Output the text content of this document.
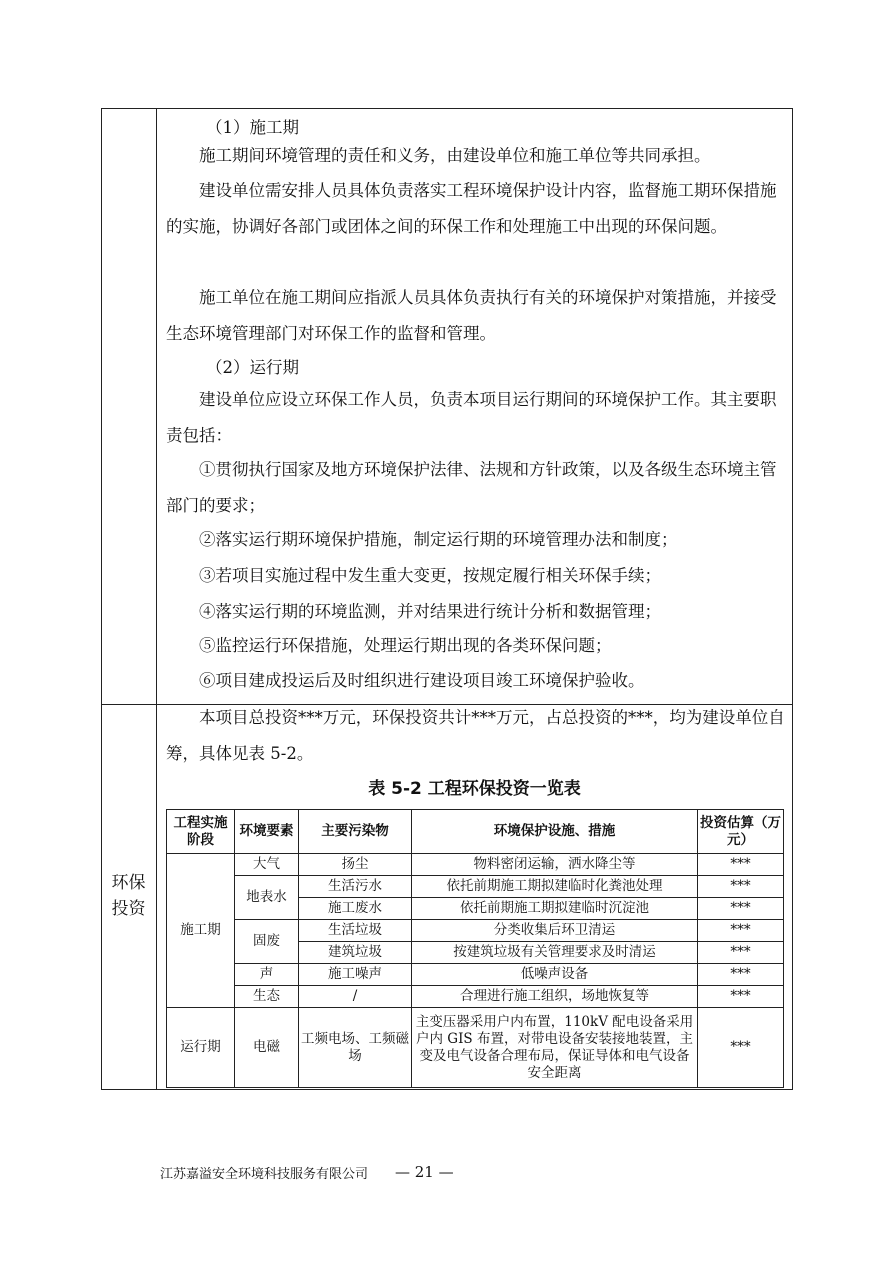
（1）施工期
施工期间环境管理的责任和义务，由建设单位和施工单位等共同承担。
建设单位需安排人员具体负责落实工程环境保护设计内容，监督施工期环保措施的实施，协调好各部门或团体之间的环保工作和处理施工中出现的环保问题。
施工单位在施工期间应指派人员具体负责执行有关的环境保护对策措施，并接受生态环境管理部门对环保工作的监督和管理。
（2）运行期
建设单位应设立环保工作人员，负责本项目运行期间的环境保护工作。其主要职责包括：
①贯彻执行国家及地方环境保护法律、法规和方针政策，以及各级生态环境主管部门的要求；
②落实运行期环境保护措施，制定运行期的环境管理办法和制度；
③若项目实施过程中发生重大变更，按规定履行相关环保手续；
④落实运行期的环境监测，并对结果进行统计分析和数据管理；
⑤监控运行环保措施，处理运行期出现的各类环保问题；
⑥项目建成投运后及时组织进行建设项目竣工环境保护验收。
环保投资
本项目总投资***万元，环保投资共计***万元，占总投资的***，均为建设单位自筹，具体见表 5-2。
表 5-2 工程环保投资一览表
工程实施阶段	环境要素	主要污染物	环境保护设施、措施	投资估算（万元）
施工期	大气	扬尘	物料密闭运输，洒水降尘等	***
	地表水	生活污水	依托前期施工期拟建临时化粪池处理	***
		施工废水	依托前期施工期拟建临时沉淀池	***
	固废	生活垃圾	分类收集后环卫清运	***
		建筑垃圾	按建筑垃圾有关管理要求及时清运	***
	声	施工噪声	低噪声设备	***
	生态	/	合理进行施工组织，场地恢复等	***
运行期	电磁	工频电场、工频磁场	主变压器采用户内布置，110kV 配电设备采用户内 GIS 布置，对带电设备安装接地装置，主变及电气设备合理布局，保证导体和电气设备安全距离	***
江苏嘉溢安全环境科技服务有限公司 — 21 —
